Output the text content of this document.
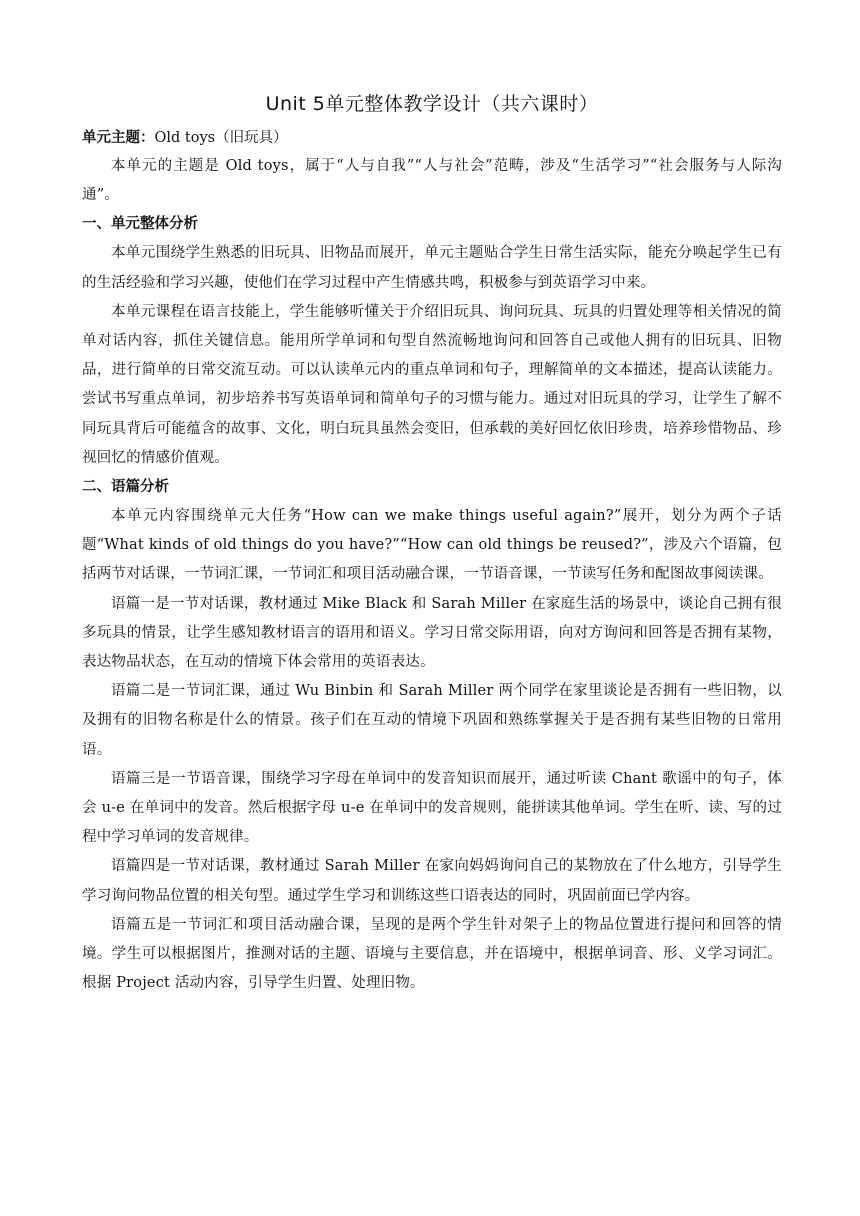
Unit 5单元整体教学设计（共六课时）

单元主题：Old toys（旧玩具）

本单元的主题是 Old toys，属于“人与自我”“人与社会”范畴，涉及“生活学习”“社会服务与人际沟通”。

一、单元整体分析

本单元围绕学生熟悉的旧玩具、旧物品而展开，单元主题贴合学生日常生活实际，能充分唤起学生已有的生活经验和学习兴趣，使他们在学习过程中产生情感共鸣，积极参与到英语学习中来。

本单元课程在语言技能上，学生能够听懂关于介绍旧玩具、询问玩具、玩具的归置处理等相关情况的简单对话内容，抓住关键信息。能用所学单词和句型自然流畅地询问和回答自己或他人拥有的旧玩具、旧物品，进行简单的日常交流互动。可以认读单元内的重点单词和句子，理解简单的文本描述，提高认读能力。尝试书写重点单词，初步培养书写英语单词和简单句子的习惯与能力。通过对旧玩具的学习，让学生了解不同玩具背后可能蕴含的故事、文化，明白玩具虽然会变旧，但承载的美好回忆依旧珍贵，培养珍惜物品、珍视回忆的情感价值观。

二、语篇分析

本单元内容围绕单元大任务“How can we make things useful again?”展开，划分为两个子话题“What kinds of old things do you have?”“How can old things be reused?”，涉及六个语篇，包括两节对话课，一节词汇课，一节词汇和项目活动融合课，一节语音课，一节读写任务和配图故事阅读课。

语篇一是一节对话课，教材通过 Mike Black 和 Sarah Miller 在家庭生活的场景中，谈论自己拥有很多玩具的情景，让学生感知教材语言的语用和语义。学习日常交际用语，向对方询问和回答是否拥有某物，表达物品状态，在互动的情境下体会常用的英语表达。

语篇二是一节词汇课，通过 Wu Binbin 和 Sarah Miller 两个同学在家里谈论是否拥有一些旧物，以及拥有的旧物名称是什么的情景。孩子们在互动的情境下巩固和熟练掌握关于是否拥有某些旧物的日常用语。

语篇三是一节语音课，围绕学习字母在单词中的发音知识而展开，通过听读 Chant 歌谣中的句子，体会 u-e 在单词中的发音。然后根据字母 u-e 在单词中的发音规则，能拼读其他单词。学生在听、读、写的过程中学习单词的发音规律。

语篇四是一节对话课，教材通过 Sarah Miller 在家向妈妈询问自己的某物放在了什么地方，引导学生学习询问物品位置的相关句型。通过学生学习和训练这些口语表达的同时，巩固前面已学内容。

语篇五是一节词汇和项目活动融合课，呈现的是两个学生针对架子上的物品位置进行提问和回答的情境。学生可以根据图片，推测对话的主题、语境与主要信息，并在语境中，根据单词音、形、义学习词汇。根据 Project 活动内容，引导学生归置、处理旧物。
